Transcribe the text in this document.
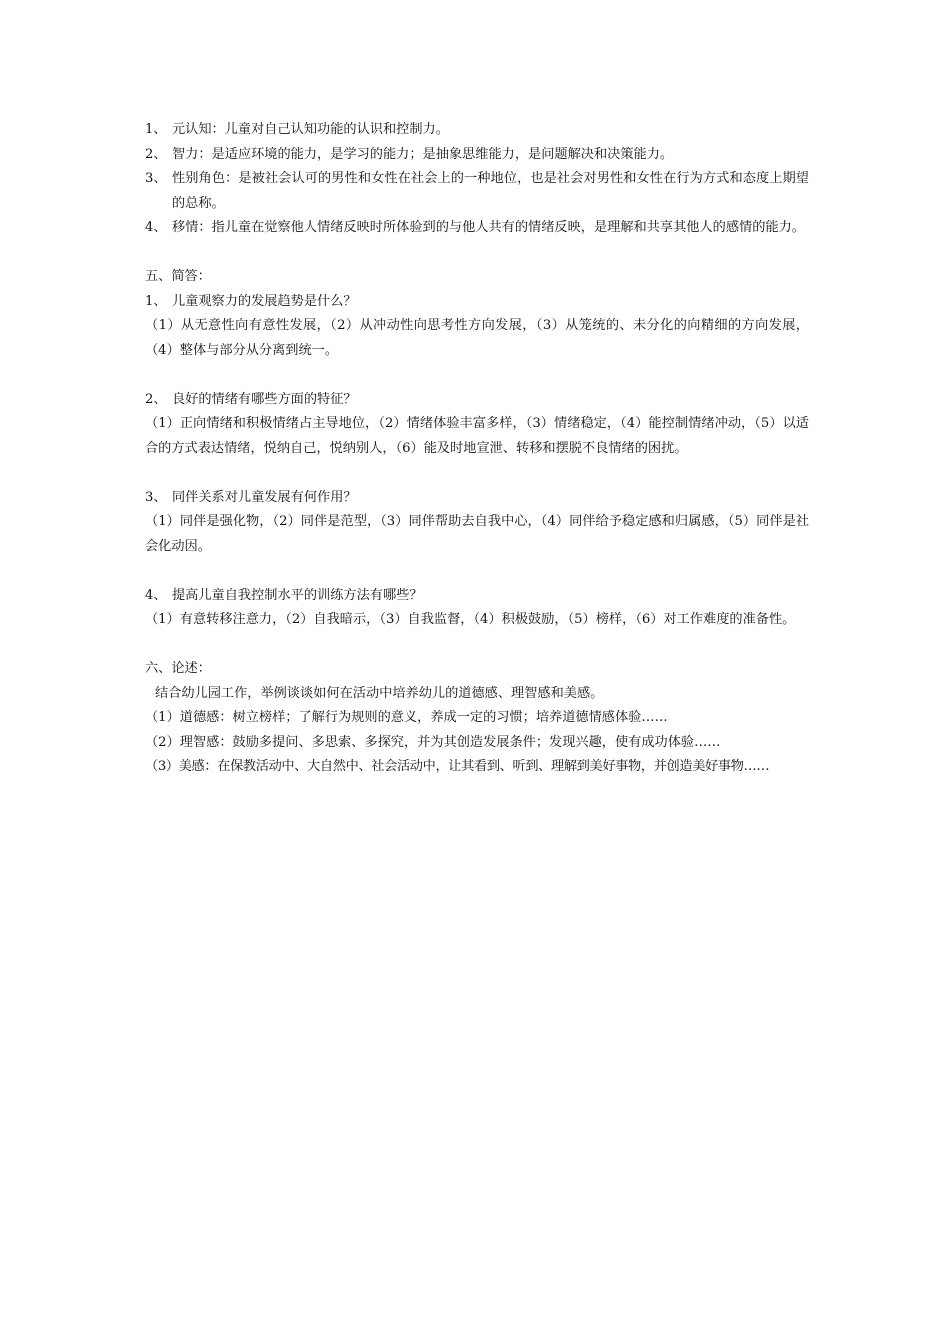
1、 元认知：儿童对自己认知功能的认识和控制力。
2、 智力：是适应环境的能力，是学习的能力；是抽象思维能力，是问题解决和决策能力。
3、 性别角色：是被社会认可的男性和女性在社会上的一种地位，也是社会对男性和女性在行为方式和态度上期望的总称。
4、 移情：指儿童在觉察他人情绪反映时所体验到的与他人共有的情绪反映，是理解和共享其他人的感情的能力。
五、简答：
1、 儿童观察力的发展趋势是什么？
（1）从无意性向有意性发展，（2）从冲动性向思考性方向发展，（3）从笼统的、未分化的向精细的方向发展，（4）整体与部分从分离到统一。
2、 良好的情绪有哪些方面的特征？
（1）正向情绪和积极情绪占主导地位，（2）情绪体验丰富多样，（3）情绪稳定，（4）能控制情绪冲动，（5）以适合的方式表达情绪，悦纳自己，悦纳别人，（6）能及时地宣泄、转移和摆脱不良情绪的困扰。
3、 同伴关系对儿童发展有何作用？
（1）同伴是强化物，（2）同伴是范型，（3）同伴帮助去自我中心，（4）同伴给予稳定感和归属感，（5）同伴是社会化动因。
4、 提高儿童自我控制水平的训练方法有哪些？
（1）有意转移注意力，（2）自我暗示，（3）自我监督，（4）积极鼓励，（5）榜样，（6）对工作难度的准备性。
六、论述：
结合幼儿园工作，举例谈谈如何在活动中培养幼儿的道德感、理智感和美感。
（1）道德感：树立榜样；了解行为规则的意义，养成一定的习惯；培养道德情感体验……
（2）理智感：鼓励多提问、多思索、多探究，并为其创造发展条件；发现兴趣，使有成功体验……
（3）美感：在保教活动中、大自然中、社会活动中，让其看到、听到、理解到美好事物，并创造美好事物……
